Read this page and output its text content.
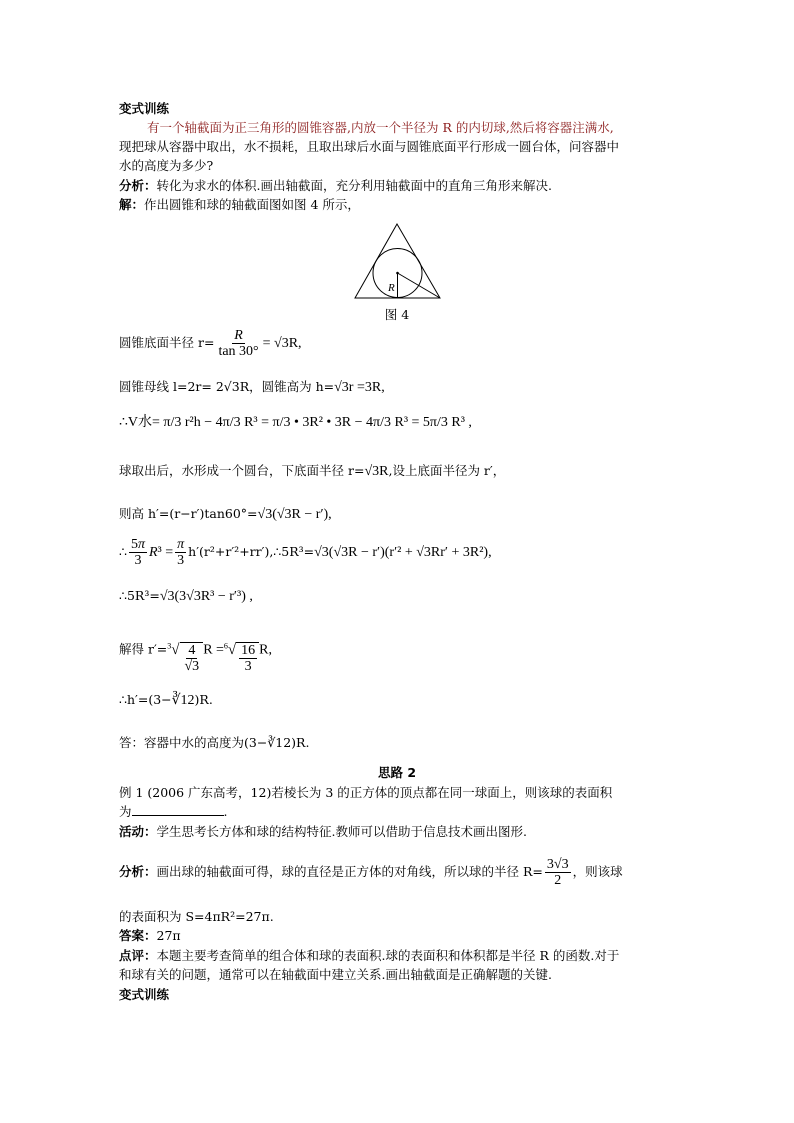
变式训练
有一个轴截面为正三角形的圆锥容器,内放一个半径为 R 的内切球,然后将容器注满水,
现把球从容器中取出，水不损耗，且取出球后水面与圆锥底面平行形成一圆台体，问容器中
水的高度为多少?
分析：转化为求水的体积.画出轴截面，充分利用轴截面中的直角三角形来解决.
解：作出圆锥和球的轴截面图如图 4 所示，
R
图 4
圆锥底面半径 $r= \frac{R}{\tan 30^\circ} = √3R$,
圆锥母线 l=2r= 2√3R，圆锥高为 h=√3r =3R,
∴V水= π/3 r²h − 4π/3 R³ = π/3 • 3R² • 3R − 4π/3 R³ = 5π/3 R³ ,
球取出后，水形成一个圆台，下底面半径 r=√3R,设上底面半径为 r′，
则高 h′=(r−r′)tan60°=√3(√3R − r′),
∴ $\frac{5\pi}{3} R^3 = \frac{\pi}{3}$ h′(r²+r′²+rr′),∴5R³=√3(√3R − r′)(r′² + √3Rr′ + 3R²),
∴5R³=√3(3√3R³ − r′³) ,
解得 $r'=^3√ \frac{4}{√3}$ $R =^6√ \frac{16}{3} R$,
∴h′=(3−∛12)R.
答：容器中水的高度为(3−∛12)R.
思路 2
例 1 (2006 广东高考，12)若棱长为 3 的正方体的顶点都在同一球面上，则该球的表面积
为	.
活动：学生思考长方体和球的结构特征.教师可以借助于信息技术画出图形.
分析：画出球的轴截面可得，球的直径是正方体的对角线，所以球的半径 $R= \frac{3√3}{2}$ ，则该球
的表面积为 S=4πR²=27π.
答案：27π
点评：本题主要考查简单的组合体和球的表面积.球的表面积和体积都是半径 R 的函数.对于
和球有关的问题，通常可以在轴截面中建立关系.画出轴截面是正确解题的关键.
变式训练
